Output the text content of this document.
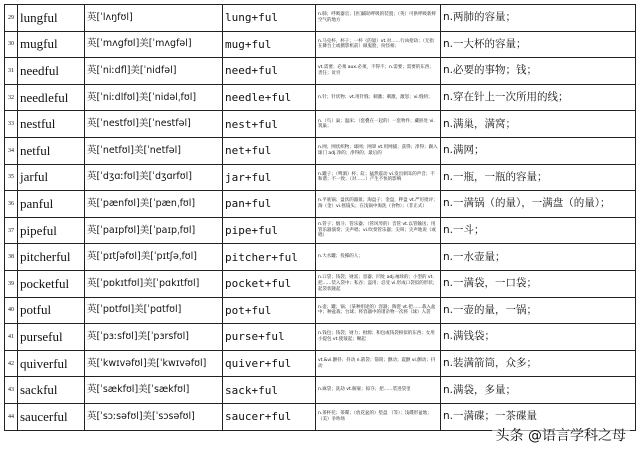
29	lungful	英[ˈlʌŋfʊl]	lung+ful	n.肺；呼吸器官；[医]辅助呼吸的装置；（英）可供呼吸新鲜空气的地方	n.两肺的容量；
30	mugful	英[ˈmʌgfʊl]美[ˈmʌgfəl]	mug+ful	n.马克杯，杯子；一杯（的量）vt.对……行凶抢劫；（无指在舞台上或摄影机前）做鬼脸，扮怪相；	n.一大杯的容量；
31	needful	英[ˈniːdfl]美[ˈnidfəl]	need+ful	vt.需要；必须 aux.必须，不得不；n.需要；需要的东西；责任；贫穷	n.必要的事物；钱；
32	needleful	英[ˈniːdlfʊl]美[ˈnidəlˌfʊl]	needle+ful	n.针；针状物；vt.用针缝；刺激；刺激，激怒；vi.缝纫；	n.穿在针上一次所用的线；
33	nestful	英[ˈnestfʊl]美[ˈnestfəl]	nest+ful	n.（鸟）巢；温床；（套叠在一起的）一套物件；藏匿处 vi.筑巢；	n.满巢，满窝；
34	netful	英[ˈnetfʊl]美[ˈnetfəl]	net+ful	n.网；网状织物；球网；网罩 vt.用网捕；获得；净得；踢入球门 adj.净的；净得的；最后的	n.满网；
35	jarful	英[ˈdʒɑːfʊl]美[ˈdʒɑrfʊl]	jar+ful	n.罐子；（啤酒）杯；缸；猛然震动 vi.发出刺耳的声音；不和谐；不一致；（对……）产生不快的影响	n.一瓶，一瓶的容量；
36	panful	英[ˈpænfʊl]美[ˈpænˌfʊl]	pan+ful	n.平底锅；盘状的器皿；淘盘子；金盘，秤盘 vt.严厉批评；淘（金）vi.摇镜头；在浅锅中淘洗（食物）；（非正式）	n.一满锅（的量），一满盘（的量）；
37	pipeful	英[ˈpaɪpfʊl]美[ˈpaɪpˌfʊl]	pipe+ful	n.管子；烟斗；管乐器；（管风琴的）音管 vt.以管输送；用管乐器演奏；尖声唱；vi.吹奏管乐器；尖叫；尖声地说（或唱）	n.一斗；
38	pitcherful	英[ˈpɪtʃəfʊl]美[ˈpɪtʃəˌfʊl]	pitcher+ful	n.大水罐；投掷的人；	n.一水壶量；
39	pocketful	英[ˈpɒkɪtfʊl]美[ˈpɑkɪtfʊl]	pocket+ful	n.口袋；钱袋；财富；容器；凹处 adj.袖珍的；小型的 vt.把……装入袋中；私吞；盗用；忍受 vi.形成口袋似的形状；起袋状隆起	n.一满袋，一口袋；
40	potful	英[ˈpɒtfʊl]美[ˈpɑtfʊl]	pot+ful	n.壶；罐；锅；（某种用途的）容器；陶瓷 vt.把……栽入盆中；种盆栽；台球；将容器中的诸杂物一次将（球）入袋	n.一壶的量，一锅；
41	purseful	英[ˈpɜːsfʊl]美[ˈpɜrsfʊl]	purse+ful	n.钱包；钱袋；财力；财源；和包或钱袋相似的东西；女用小提包 vt.使皱起；噘起	n.满钱袋；
42	quiverful	英[ˈkwɪvəfʊl]美[ˈkwɪvəfʊl]	quiver+ful	vt.&vi.颤抖；抖动 n.箭袋；箭筒；颤动；震颤 vi.颤动；抖动	n.装满箭筒，众多；
43	sackful	英[ˈsækfʊl]美[ˈsækfʊl]	sack+ful	n.麻袋；洗劫 vt.解雇；掠夺；把……装进袋里	n.满袋，多量；
44	saucerful	英[ˈsɔːsəfʊl]美[ˈsɔsəfʊl]	saucer+ful	n.茶杯托；茶碟；（放花盆的）垫盘 （等）；浅碟形盆地；（美）争吵场	n.一满碟；一茶碟量
头条 @语言学科之母
